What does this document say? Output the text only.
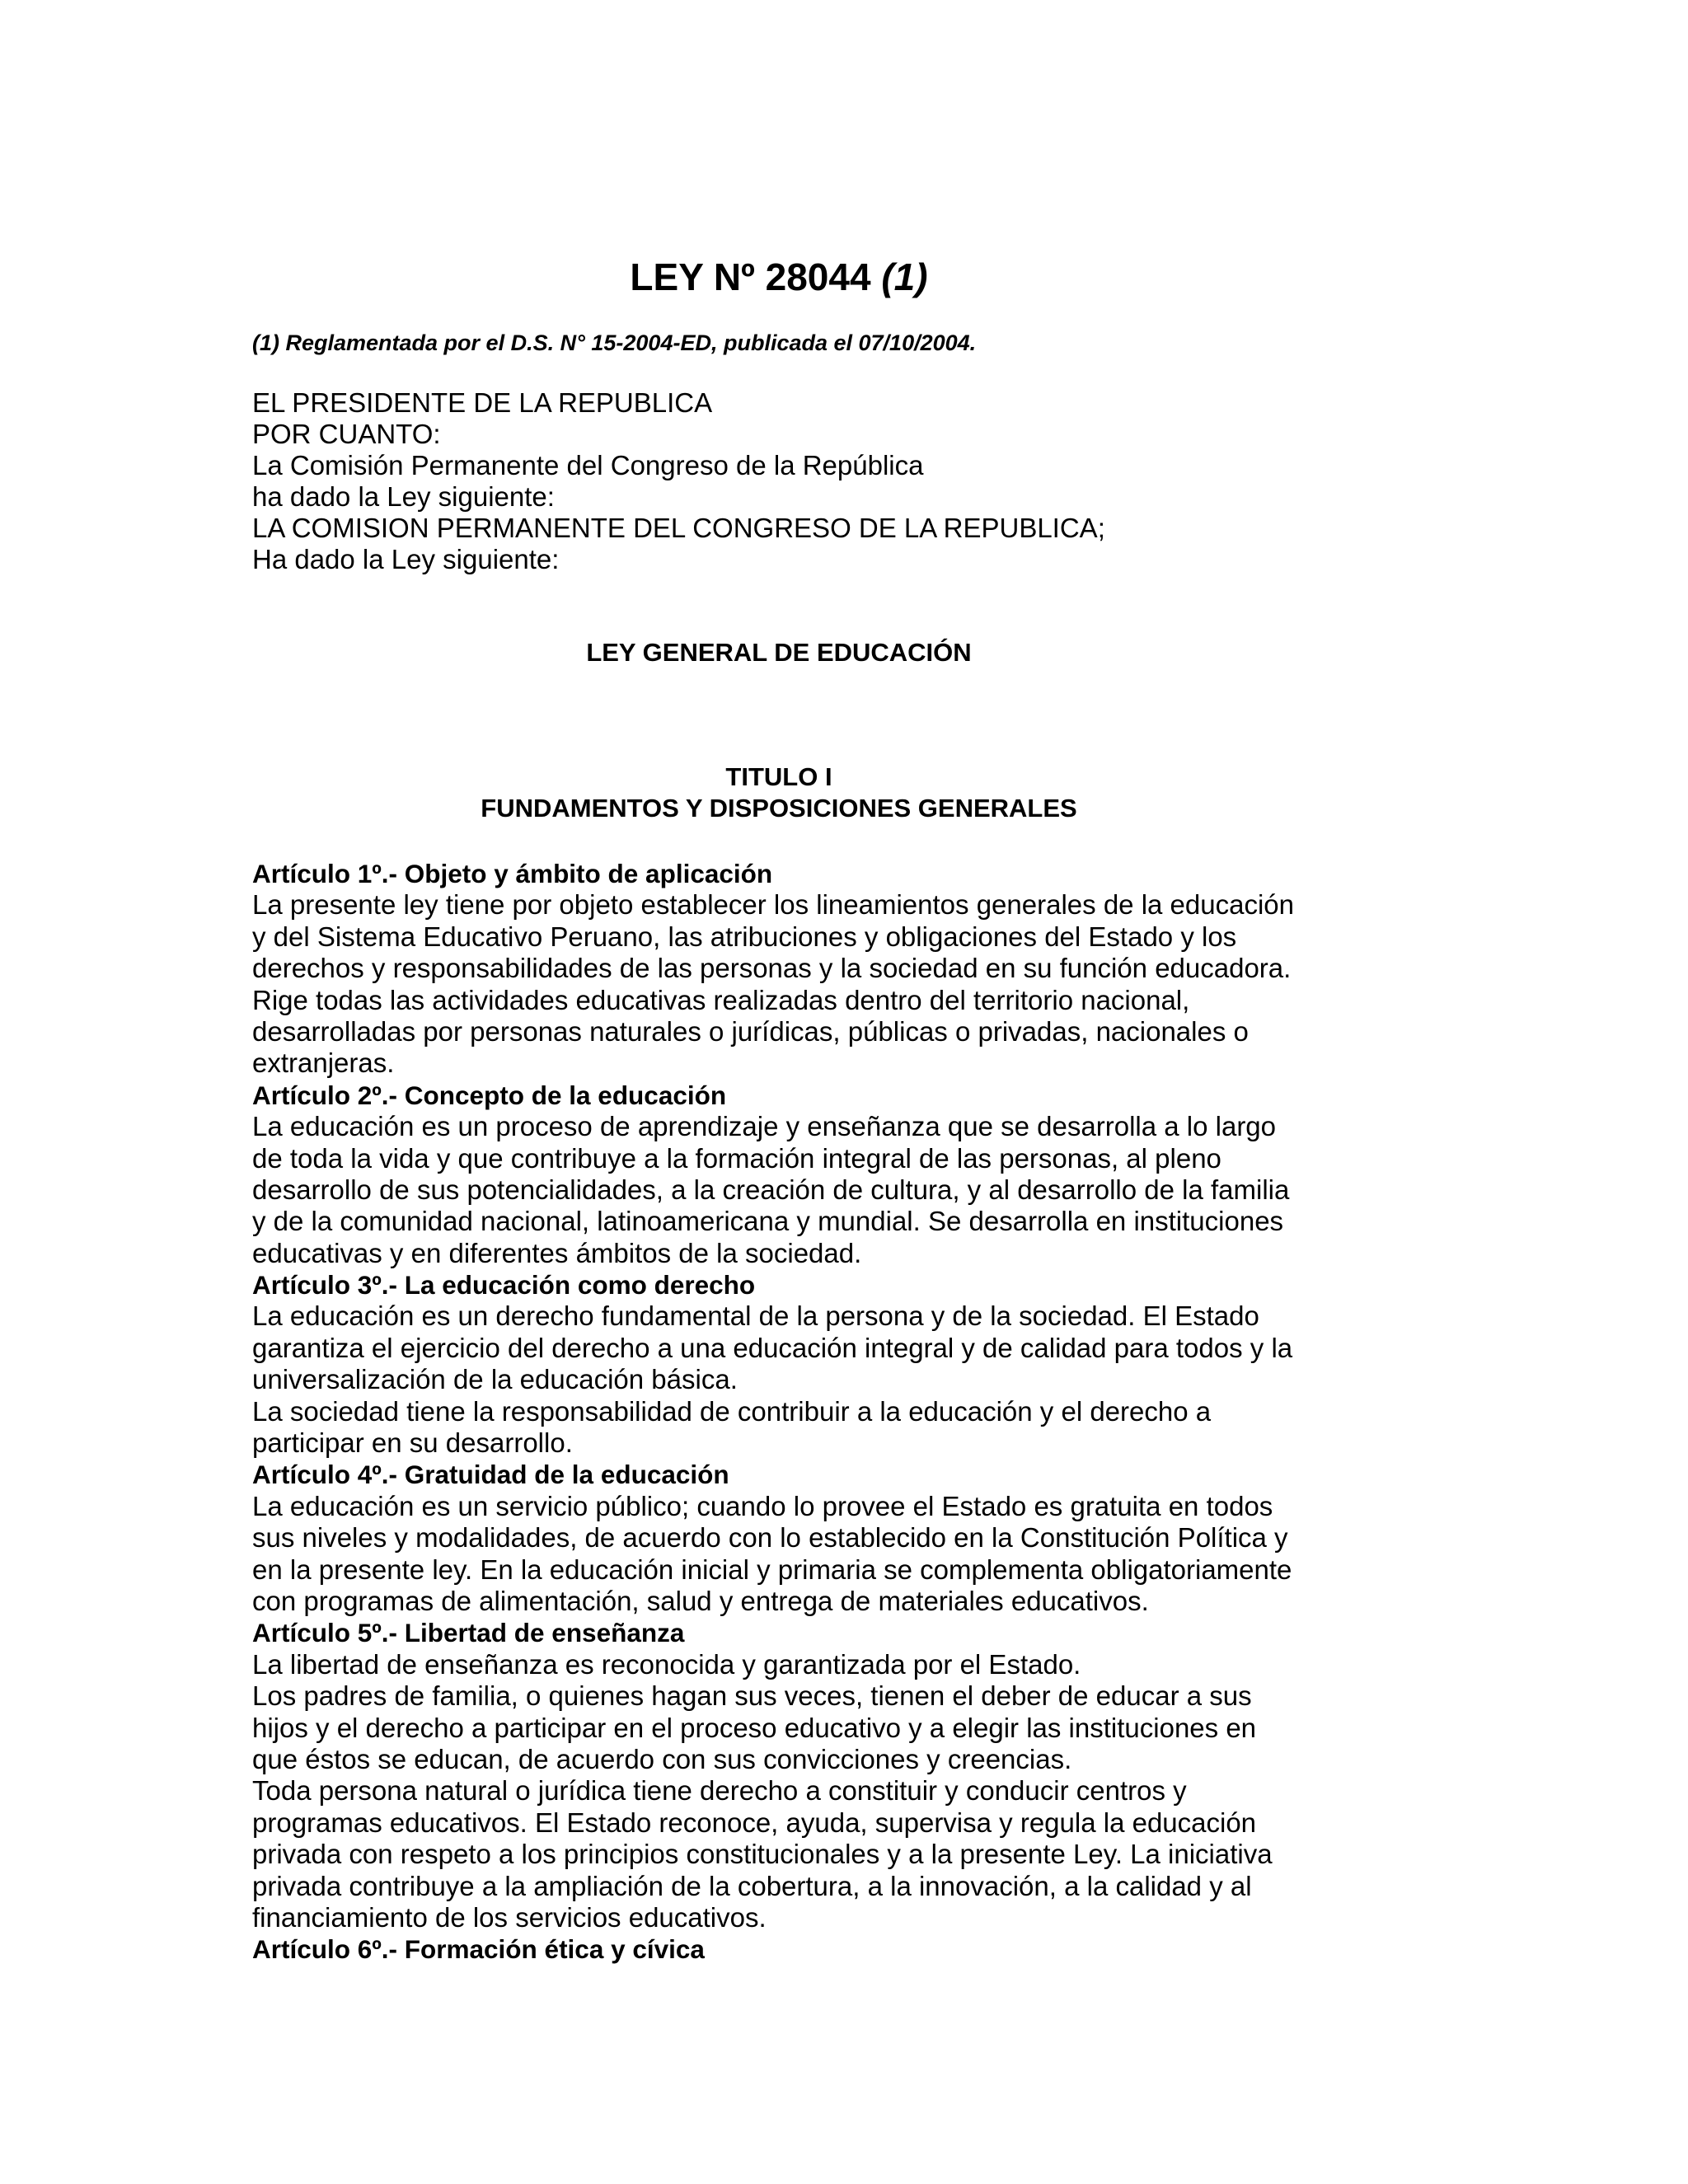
LEY Nº 28044 (1)
(1) Reglamentada por el D.S. N° 15-2004-ED, publicada el 07/10/2004.
EL PRESIDENTE DE LA REPUBLICA
POR CUANTO:
La Comisión Permanente del Congreso de la República
ha dado la Ley siguiente:
LA COMISION PERMANENTE DEL CONGRESO DE LA REPUBLICA;
Ha dado la Ley siguiente:
LEY GENERAL DE EDUCACIÓN
TITULO I
FUNDAMENTOS Y DISPOSICIONES GENERALES
Artículo 1º.- Objeto y ámbito de aplicación
La presente ley tiene por objeto establecer los lineamientos generales de la educación
y del Sistema Educativo Peruano, las atribuciones y obligaciones del Estado y los
derechos y responsabilidades de las personas y la sociedad en su función educadora.
Rige todas las actividades educativas realizadas dentro del territorio nacional,
desarrolladas por personas naturales o jurídicas, públicas o privadas, nacionales o
extranjeras.
Artículo 2º.- Concepto de la educación
La educación es un proceso de aprendizaje y enseñanza que se desarrolla a lo largo
de toda la vida y que contribuye a la formación integral de las personas, al pleno
desarrollo de sus potencialidades, a la creación de cultura, y al desarrollo de la familia
y de la comunidad nacional, latinoamericana y mundial. Se desarrolla en instituciones
educativas y en diferentes ámbitos de la sociedad.
Artículo 3º.- La educación como derecho
La educación es un derecho fundamental de la persona y de la sociedad. El Estado
garantiza el ejercicio del derecho a una educación integral y de calidad para todos y la
universalización de la educación básica.
La sociedad tiene la responsabilidad de contribuir a la educación y el derecho a
participar en su desarrollo.
Artículo 4º.- Gratuidad de la educación
La educación es un servicio público; cuando lo provee el Estado es gratuita en todos
sus niveles y modalidades, de acuerdo con lo establecido en la Constitución Política y
en la presente ley. En la educación inicial y primaria se complementa obligatoriamente
con programas de alimentación, salud y entrega de materiales educativos.
Artículo 5º.- Libertad de enseñanza
La libertad de enseñanza es reconocida y garantizada por el Estado.
Los padres de familia, o quienes hagan sus veces, tienen el deber de educar a sus
hijos y el derecho a participar en el proceso educativo y a elegir las instituciones en
que éstos se educan, de acuerdo con sus convicciones y creencias.
Toda persona natural o jurídica tiene derecho a constituir y conducir centros y
programas educativos. El Estado reconoce, ayuda, supervisa y regula la educación
privada con respeto a los principios constitucionales y a la presente Ley. La iniciativa
privada contribuye a la ampliación de la cobertura, a la innovación, a la calidad y al
financiamiento de los servicios educativos.
Artículo 6º.- Formación ética y cívica
